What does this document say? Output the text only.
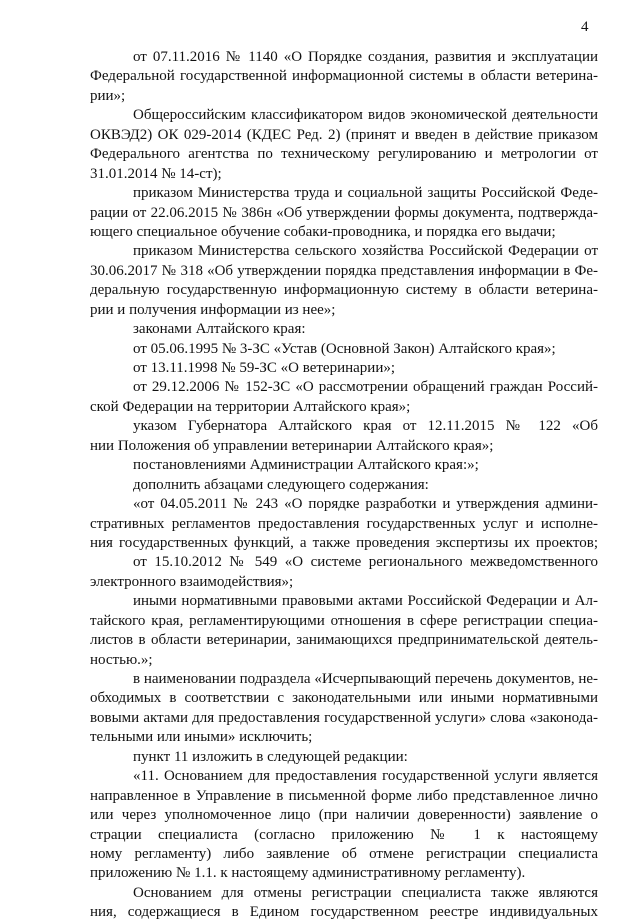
4
от 07.11.2016 № 1140 «О Порядке создания, развития и эксплуатации
Федеральной государственной информационной системы в области ветерина-
рии»;
Общероссийским классификатором видов экономической деятельности
ОКВЭД2) ОК 029-2014 (КДЕС Ред. 2) (принят и введен в действие приказом
Федерального агентства по техническому регулированию и метрологии от
31.01.2014 № 14-ст);
приказом Министерства труда и социальной защиты Российской Феде-
рации от 22.06.2015 № 386н «Об утверждении формы документа, подтвержда-
ющего специальное обучение собаки-проводника, и порядка его выдачи;
приказом Министерства сельского хозяйства Российской Федерации от
30.06.2017 № 318 «Об утверждении порядка представления информации в Фе-
деральную государственную информационную систему в области ветерина-
рии и получения информации из нее»;
законами Алтайского края:
от 05.06.1995 № 3-ЗС «Устав (Основной Закон) Алтайского края»;
от 13.11.1998 № 59-ЗС «О ветеринарии»;
от 29.12.2006 № 152-ЗС «О рассмотрении обращений граждан Россий-
ской Федерации на территории Алтайского края»;
указом Губернатора Алтайского края от 12.11.2015 № 122 «Об
нии Положения об управлении ветеринарии Алтайского края»;
постановлениями Администрации Алтайского края:»;
дополнить абзацами следующего содержания:
«от 04.05.2011 № 243 «О порядке разработки и утверждения админи-
стративных регламентов предоставления государственных услуг и исполне-
ния государственных функций, а также проведения экспертизы их проектов;
от 15.10.2012 № 549 «О системе регионального межведомственного
электронного взаимодействия»;
иными нормативными правовыми актами Российской Федерации и Ал-
тайского края, регламентирующими отношения в сфере регистрации специа-
листов в области ветеринарии, занимающихся предпринимательской деятель-
ностью.»;
в наименовании подраздела «Исчерпывающий перечень документов, не-
обходимых в соответствии с законодательными или иными нормативными
вовыми актами для предоставления государственной услуги» слова «законода-
тельными или иными» исключить;
пункт 11 изложить в следующей редакции:
«11. Основанием для предоставления государственной услуги является
направленное в Управление в письменной форме либо представленное лично
или через уполномоченное лицо (при наличии доверенности) заявление о
страции специалиста (согласно приложению № 1 к настоящему
ному регламенту) либо заявление об отмене регистрации специалиста
приложению № 1.1. к настоящему административному регламенту).
Основанием для отмены регистрации специалиста также являются
ния, содержащиеся в Едином государственном реестре индивидуальных
